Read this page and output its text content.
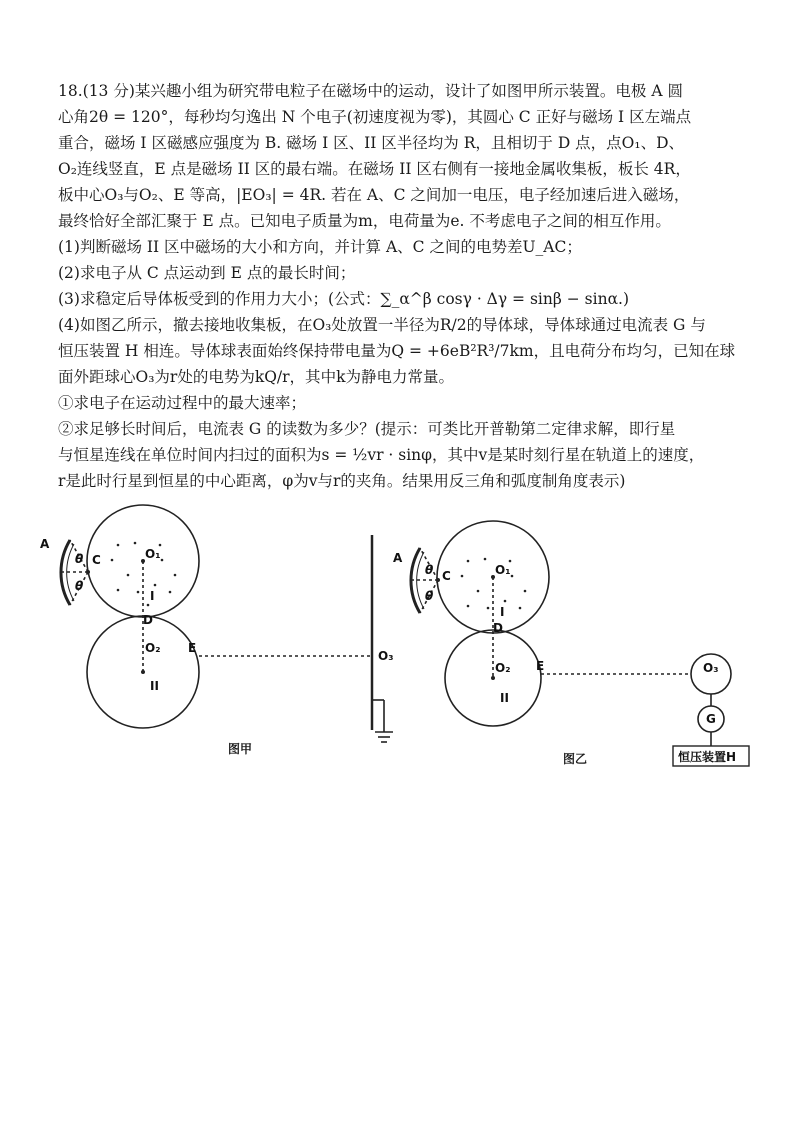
18.(13 分)某兴趣小组为研究带电粒子在磁场中的运动，设计了如图甲所示装置。电极 A 圆

心角2θ = 120°，每秒均匀逸出 N 个电子(初速度视为零)，其圆心 C 正好与磁场 I 区左端点

重合，磁场 I 区磁感应强度为 B. 磁场 I 区、II 区半径均为 R，且相切于 D 点，点O₁、D、

O₂连线竖直，E 点是磁场 II 区的最右端。在磁场 II 区右侧有一接地金属收集板，板长 4R，

板中心O₃与O₂、E 等高，|EO₃| = 4R. 若在 A、C 之间加一电压，电子经加速后进入磁场，

最终恰好全部汇聚于 E 点。已知电子质量为m，电荷量为e. 不考虑电子之间的相互作用。

(1)判断磁场 II 区中磁场的大小和方向，并计算 A、C 之间的电势差U_AC；

(2)求电子从 C 点运动到 E 点的最长时间；

(3)求稳定后导体板受到的作用力大小；(公式：∑_α^β cosγ · Δγ = sinβ − sinα.)

(4)如图乙所示，撤去接地收集板，在O₃处放置一半径为R/2的导体球，导体球通过电流表 G 与

恒压装置 H 相连。导体球表面始终保持带电量为Q = +6eB²R³/7km，且电荷分布均匀，已知在球

面外距球心O₃为r处的电势为kQ/r，其中k为静电力常量。

①求电子在运动过程中的最大速率；

②求足够长时间后，电流表 G 的读数为多少？(提示：可类比开普勒第二定律求解，即行星

与恒星连线在单位时间内扫过的面积为s = ½vr · sinφ，其中v是某时刻行星在轨道上的速度，

r是此时行星到恒星的中心距离，φ为v与r的夹角。结果用反三角和弧度制角度表示)

A
θ
θ
C	O₁
I
D
O₂ E
II
O₃
A
θ
θ
C	O₁
I
D
O₂ E
II
O₃
G
恒压装置H
图甲
图乙
